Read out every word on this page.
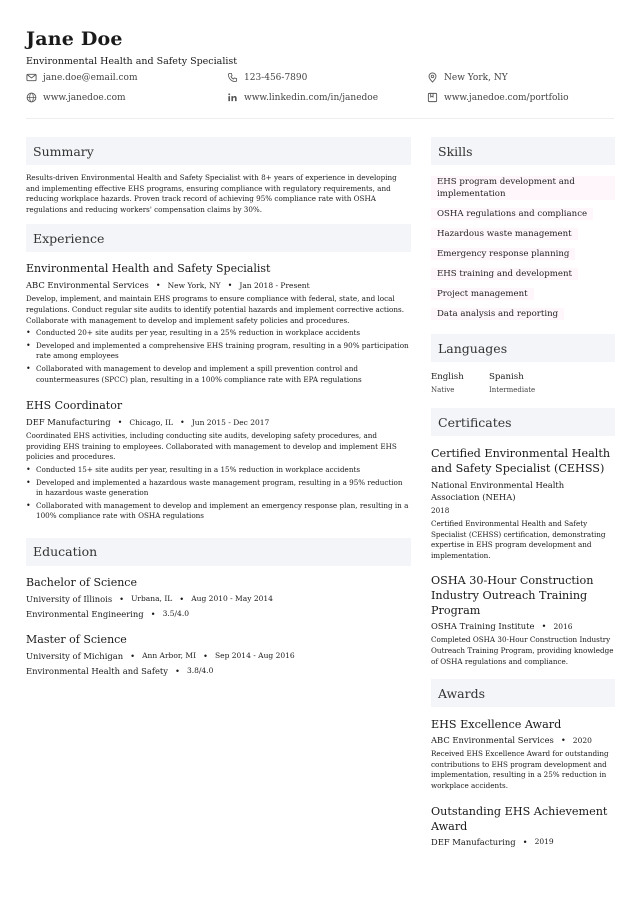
Jane Doe
Environmental Health and Safety Specialist
jane.doe@email.com	123-456-7890	New York, NY
www.janedoe.com	www.linkedin.com/in/janedoe	www.janedoe.com/portfolio
Summary
Results-driven Environmental Health and Safety Specialist with 8+ years of experience in developing and implementing effective EHS programs, ensuring compliance with regulatory requirements, and reducing workplace hazards. Proven track record of achieving 95% compliance rate with OSHA regulations and reducing workers' compensation claims by 30%.
Experience
Environmental Health and Safety Specialist
ABC Environmental Services • New York, NY • Jan 2018 - Present
Develop, implement, and maintain EHS programs to ensure compliance with federal, state, and local regulations. Conduct regular site audits to identify potential hazards and implement corrective actions. Collaborate with management to develop and implement safety policies and procedures.
• Conducted 20+ site audits per year, resulting in a 25% reduction in workplace accidents
• Developed and implemented a comprehensive EHS training program, resulting in a 90% participation rate among employees
• Collaborated with management to develop and implement a spill prevention control and countermeasures (SPCC) plan, resulting in a 100% compliance rate with EPA regulations
EHS Coordinator
DEF Manufacturing • Chicago, IL • Jun 2015 - Dec 2017
Coordinated EHS activities, including conducting site audits, developing safety procedures, and providing EHS training to employees. Collaborated with management to develop and implement EHS policies and procedures.
• Conducted 15+ site audits per year, resulting in a 15% reduction in workplace accidents
• Developed and implemented a hazardous waste management program, resulting in a 95% reduction in hazardous waste generation
• Collaborated with management to develop and implement an emergency response plan, resulting in a 100% compliance rate with OSHA regulations
Education
Bachelor of Science
University of Illinois • Urbana, IL • Aug 2010 - May 2014
Environmental Engineering • 3.5/4.0
Master of Science
University of Michigan • Ann Arbor, MI • Sep 2014 - Aug 2016
Environmental Health and Safety • 3.8/4.0
Skills
EHS program development and implementation
OSHA regulations and compliance
Hazardous waste management
Emergency response planning
EHS training and development
Project management
Data analysis and reporting
Languages
English
Native
Spanish
Intermediate
Certificates
Certified Environmental Health and Safety Specialist (CEHSS)
National Environmental Health Association (NEHA)
2018
Certified Environmental Health and Safety Specialist (CEHSS) certification, demonstrating expertise in EHS program development and implementation.
OSHA 30-Hour Construction Industry Outreach Training Program
OSHA Training Institute • 2016
Completed OSHA 30-Hour Construction Industry Outreach Training Program, providing knowledge of OSHA regulations and compliance.
Awards
EHS Excellence Award
ABC Environmental Services • 2020
Received EHS Excellence Award for outstanding contributions to EHS program development and implementation, resulting in a 25% reduction in workplace accidents.
Outstanding EHS Achievement Award
DEF Manufacturing • 2019
